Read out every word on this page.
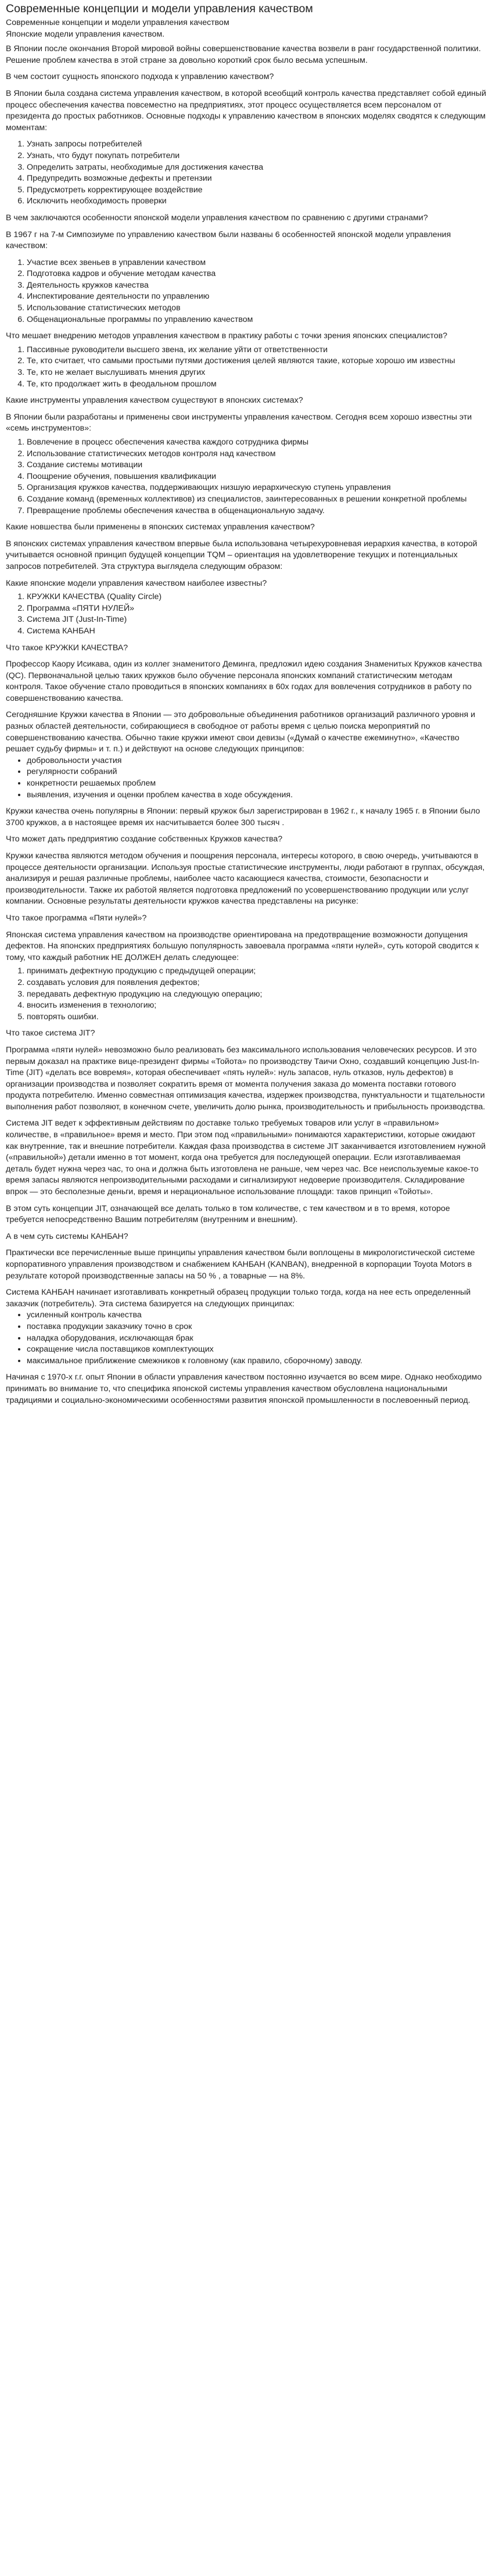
Современные концепции и модели управления качеством

Современные концепции и модели управления качеством

Японские модели управления качеством.

В Японии после окончания Второй мировой войны совершенствование качества возвели в ранг государственной политики. Решение проблем качества в этой стране за довольно короткий срок было весьма успешным.

В чем состоит сущность японского подхода к управлению качеством?

В Японии была создана система управления качеством, в которой всеобщий контроль качества представляет собой единый процесс обеспечения качества повсеместно на предприятиях, этот процесс осуществляется всем персоналом от президента до простых работников. Основные подходы к управлению качеством в японских моделях сводятся к следующим моментам:

1. Узнать запросы потребителей
2. Узнать, что будут покупать потребители
3. Определить затраты, необходимые для достижения качества
4. Предупредить возможные дефекты и претензии
5. Предусмотреть корректирующее воздействие
6. Исключить необходимость проверки

В чем заключаются особенности японской модели управления качеством по сравнению с другими странами?

В 1967 г на 7-м Симпозиуме по управлению качеством были названы 6 особенностей японской модели управления качеством:

1. Участие всех звеньев в управлении качеством
2. Подготовка кадров и обучение методам качества
3. Деятельность кружков качества
4. Инспектирование деятельности по управлению
5. Использование статистических методов
6. Общенациональные программы по управлению качеством

Что мешает внедрению методов управления качеством в практику работы с точки зрения японских специалистов?

1. Пассивные руководители высшего звена, их желание уйти от ответственности
2. Те, кто считает, что самыми простыми путями достижения целей являются такие, которые хорошо им известны
3. Те, кто не желает выслушивать мнения других
4. Те, кто продолжает жить в феодальном прошлом

Какие инструменты управления качеством существуют в японских системах?

В Японии были разработаны и применены свои инструменты управления качеством. Сегодня всем хорошо известны эти «семь инструментов»:

1. Вовлечение в процесс обеспечения качества каждого сотрудника фирмы
2. Использование статистических методов контроля над качеством
3. Создание системы мотивации
4. Поощрение обучения, повышения квалификации
5. Организация кружков качества, поддерживающих низшую иерархическую ступень управления
6. Создание команд (временных коллективов) из специалистов, заинтересованных в решении конкретной проблемы
7. Превращение проблемы обеспечения качества в общенациональную задачу.

Какие новшества были применены в японских системах управления качеством?

В японских системах управления качеством впервые была использована четырехуровневая иерархия качества, в которой учитывается основной принцип будущей концепции TQM – ориентация на удовлетворение текущих и потенциальных запросов потребителей. Эта структура выглядела следующим образом:

Какие японские модели управления качеством наиболее известны?

1. КРУЖКИ КАЧЕСТВА (Quality Circle)
2. Программа «ПЯТИ НУЛЕЙ»
3. Система JIT (Just-In-Time)
4. Система КАНБАН

Что такое КРУЖКИ КАЧЕСТВА?

Профессор Каору Исикава, один из коллег знаменитого Деминга, предложил идею создания Знаменитых Кружков качества (QC). Первоначальной целью таких кружков было обучение персонала японских компаний статистическим методам контроля. Такое обучение стало проводиться в японских компаниях в 60х годах для вовлечения сотрудников в работу по совершенствованию качества.

Сегодняшние Кружки качества в Японии — это добровольные объединения работников организаций различного уровня и разных областей деятельности, собирающиеся в свободное от работы время с целью поиска мероприятий по совершенствованию качества. Обычно такие кружки имеют свои девизы («Думай о качестве ежеминутно», «Качество решает судьбу фирмы» и т. п.) и действуют на основе следующих принципов:

• добровольности участия
• регулярности собраний
• конкретности решаемых проблем
• выявления, изучения и оценки проблем качества в ходе обсуждения.

Кружки качества очень популярны в Японии: первый кружок был зарегистрирован в 1962 г., к началу 1965 г. в Японии было 3700 кружков, а в настоящее время их насчитывается более 300 тысяч .

Что может дать предприятию создание собственных Кружков качества?

Кружки качества являются методом обучения и поощрения персонала, интересы которого, в свою очередь, учитываются в процессе деятельности организации. Используя простые статистические инструменты, люди работают в группах, обсуждая, анализируя и решая различные проблемы, наиболее часто касающиеся качества, стоимости, безопасности и производительности. Также их работой является подготовка предложений по усовершенствованию продукции или услуг компании. Основные результаты деятельности кружков качества представлены на рисунке:

Что такое программа «Пяти нулей»?

Японская система управления качеством на производстве ориентирована на предотвращение возможности допущения дефектов. На японских предприятиях большую популярность завоевала программа «пяти нулей», суть которой сводится к тому, что каждый работник НЕ ДОЛЖЕН делать следующее:

1. принимать дефектную продукцию с предыдущей операции;
2. создавать условия для появления дефектов;
3. передавать дефектную продукцию на следующую операцию;
4. вносить изменения в технологию;
5. повторять ошибки.

Что такое система JIT?

Программа «пяти нулей» невозможно было реализовать без максимального использования человеческих ресурсов. И это первым доказал на практике вице-президент фирмы «Тойота» по производству Таичи Охно, создавший концепцию Just-In-Time (JIT) «делать все вовремя», которая обеспечивает «пять нулей»: нуль запасов, нуль отказов, нуль дефектов) в организации производства и позволяет сократить время от момента получения заказа до момента поставки готового продукта потребителю. Именно совместная оптимизация качества, издержек производства, пунктуальности и тщательности выполнения работ позволяют, в конечном счете, увеличить долю рынка, производительность и прибыльность производства.

Система JIT ведет к эффективным действиям по доставке только требуемых товаров или услуг в «правильном» количестве, в «правильное» время и место. При этом под «правильными» понимаются характеристики, которые ожидают как внутренние, так и внешние потребители. Каждая фаза производства в системе JIT заканчивается изготовлением нужной («правильной») детали именно в тот момент, когда она требуется для последующей операции. Если изготавливаемая деталь будет нужна через час, то она и должна быть изготовлена не раньше, чем через час. Все неиспользуемые какое-то время запасы являются непроизводительными расходами и сигнализируют недоверие производителя. Складирование впрок — это бесполезные деньги, время и нерациональное использование площади: таков принцип «Тойоты».

В этом суть концепции JIT, означающей все делать только в том количестве, с тем качеством и в то время, которое требуется непосредственно Вашим потребителям (внутренним и внешним).

А в чем суть системы КАНБАН?

Практически все перечисленные выше принципы управления качеством были воплощены в микрологистической системе корпоративного управления производством и снабжением КАНБАН (KANBAN), внедренной в корпорации Toyota Motors в результате которой производственные запасы на 50 % , а товарные — на 8%.

Система КАНБАН начинает изготавливать конкретный образец продукции только тогда, когда на нее есть определенный заказчик (потребитель). Эта система базируется на следующих принципах:

• усиленный контроль качества
• поставка продукции заказчику точно в срок
• наладка оборудования, исключающая брак
• сокращение числа поставщиков комплектующих
• максимальное приближение смежников к головному (как правило, сборочному) заводу.

Начиная с 1970-х г.г. опыт Японии в области управления качеством постоянно изучается во всем мире. Однако необходимо принимать во внимание то, что специфика японской системы управления качеством обусловлена национальными традициями и социально-экономическими особенностями развития японской промышленности в послевоенный период.
